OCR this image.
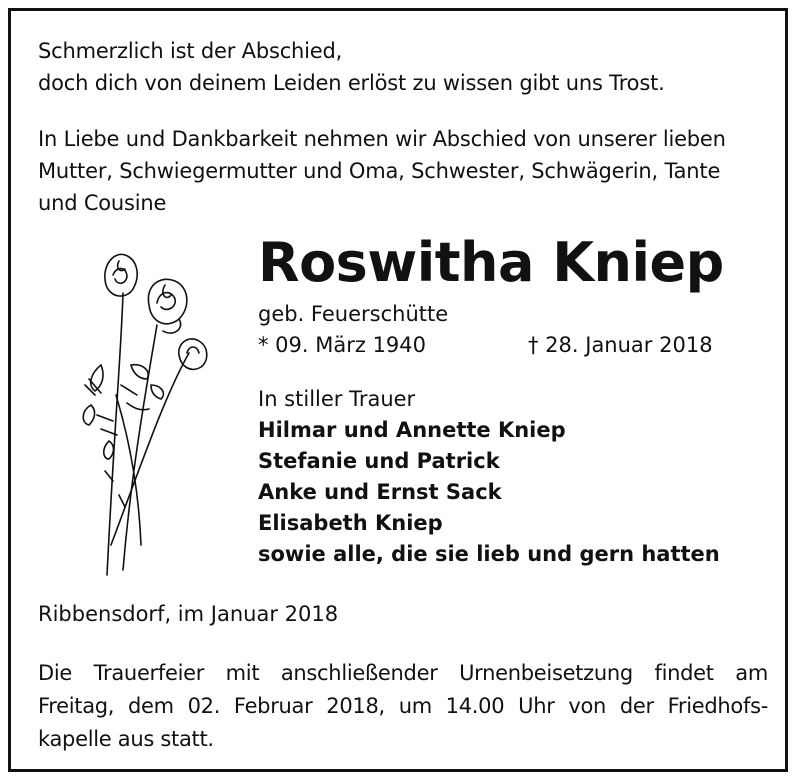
Schmerzlich ist der Abschied,
doch dich von deinem Leiden erlöst zu wissen gibt uns Trost.
In Liebe und Dankbarkeit nehmen wir Abschied von unserer lieben
Mutter, Schwiegermutter und Oma, Schwester, Schwägerin, Tante
und Cousine
Roswitha Kniep
geb. Feuerschütte
* 09. März 1940	† 28. Januar 2018
In stiller Trauer
Hilmar und Annette Kniep
Stefanie und Patrick
Anke und Ernst Sack
Elisabeth Kniep
sowie alle, die sie lieb und gern hatten
Ribbensdorf, im Januar 2018
Die Trauerfeier mit anschließender Urnenbeisetzung findet am
Freitag, dem 02. Februar 2018, um 14.00 Uhr von der Friedhofs-
kapelle aus statt.
